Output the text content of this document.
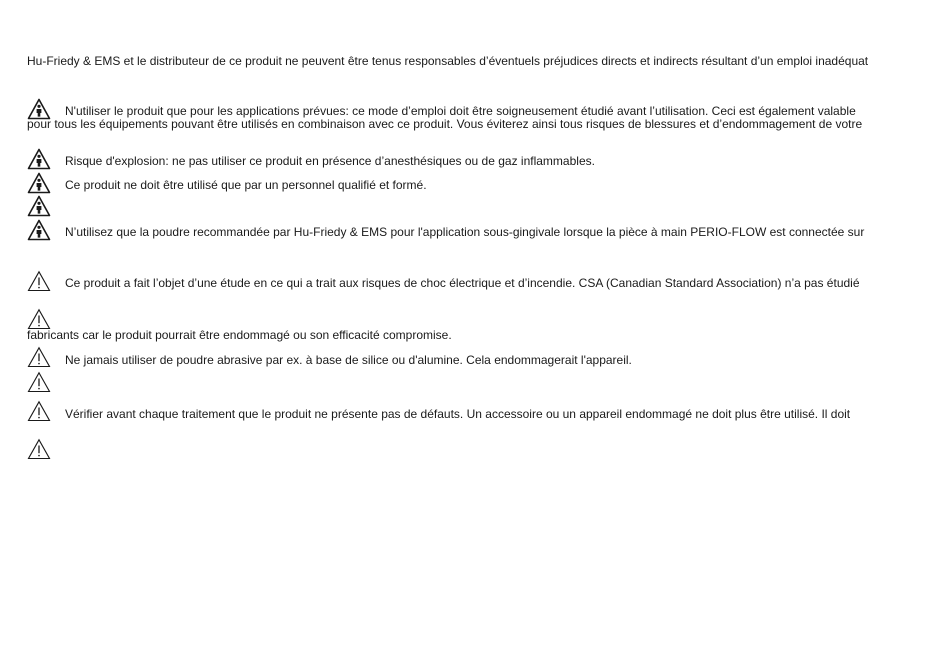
Hu-Friedy & EMS et le distributeur de ce produit ne peuvent être tenus responsables d’éventuels préjudices directs et indirects résultant d’un emploi inadéquat
N'utiliser le produit que pour les applications prévues: ce mode d’emploi doit être soigneusement étudié avant l’utilisation. Ceci est également valable
pour tous les équipements pouvant être utilisés en combinaison avec ce produit. Vous éviterez ainsi tous risques de blessures et d’endommagement de votre
Risque d'explosion: ne pas utiliser ce produit en présence d’anesthésiques ou de gaz inflammables.
Ce produit ne doit être utilisé que par un personnel qualifié et formé.
N’utilisez que la poudre recommandée par Hu-Friedy & EMS pour l'application sous-gingivale lorsque la pièce à main PERIO-FLOW est connectée sur
Ce produit a fait l’objet d’une étude en ce qui a trait aux risques de choc électrique et d’incendie. CSA (Canadian Standard Association) n’a pas étudié
fabricants car le produit pourrait être endommagé ou son efficacité compromise.
Ne jamais utiliser de poudre abrasive par ex. à base de silice ou d'alumine. Cela endommagerait l'appareil.
Vérifier avant chaque traitement que le produit ne présente pas de défauts. Un accessoire ou un appareil endommagé ne doit plus être utilisé. Il doit
